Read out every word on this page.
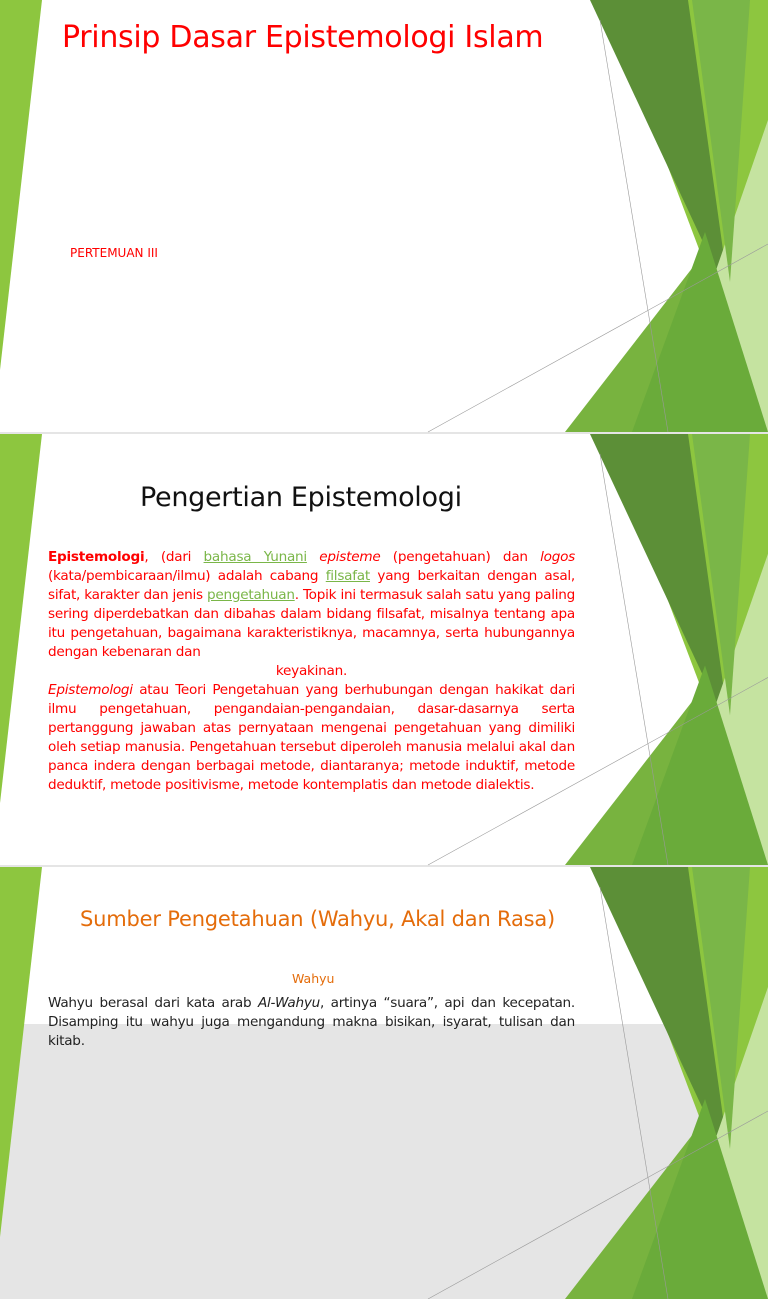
Prinsip Dasar Epistemologi Islam
PERTEMUAN III
Pengertian Epistemologi

Epistemologi, (dari bahasa Yunani episteme (pengetahuan) dan logos (kata/pembicaraan/ilmu) adalah cabang filsafat yang berkaitan dengan asal, sifat, karakter dan jenis pengetahuan. Topik ini termasuk salah satu yang paling sering diperdebatkan dan dibahas dalam bidang filsafat, misalnya tentang apa itu pengetahuan, bagaimana karakteristiknya, macamnya, serta hubungannya dengan kebenaran dan
keyakinan.

Epistemologi atau Teori Pengetahuan yang berhubungan dengan hakikat dari ilmu pengetahuan, pengandaian-pengandaian, dasar-dasarnya serta pertanggung jawaban atas pernyataan mengenai pengetahuan yang dimiliki oleh setiap manusia. Pengetahuan tersebut diperoleh manusia melalui akal dan panca indera dengan berbagai metode, diantaranya; metode induktif, metode deduktif, metode positivisme, metode kontemplatis dan metode dialektis.

Sumber Pengetahuan (Wahyu, Akal dan Rasa)
Wahyu
Wahyu berasal dari kata arab Al-Wahyu, artinya “suara”, api dan kecepatan. Disamping itu wahyu juga mengandung makna bisikan, isyarat, tulisan dan kitab.
